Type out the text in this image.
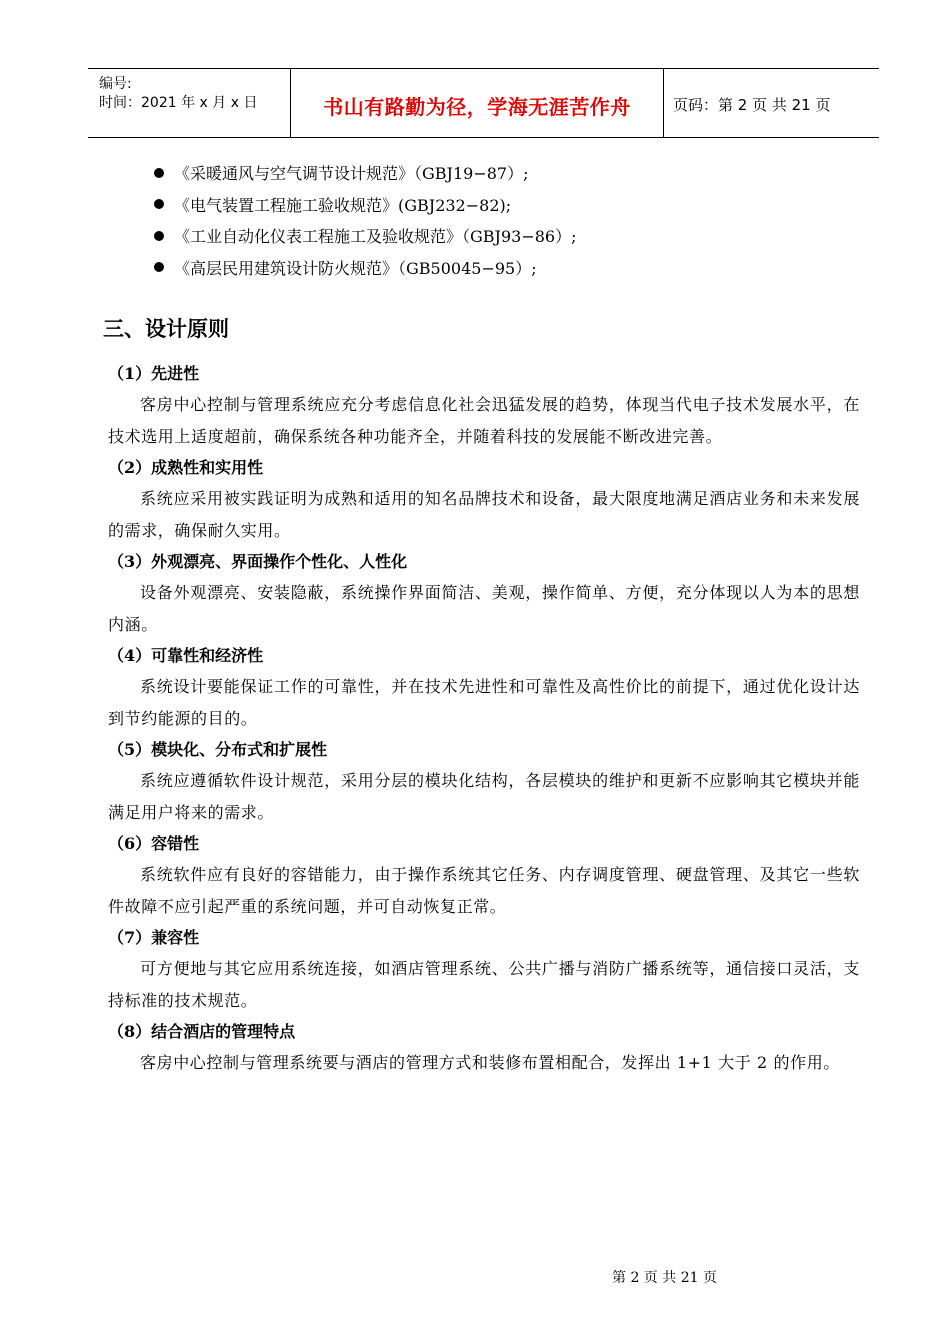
编号:
时间：2021 年 x 月 x 日	书山有路勤为径，学海无涯苦作舟	页码：第 2 页 共 21 页
《采暖通风与空气调节设计规范》（GBJ19−87）;
《电气装置工程施工验收规范》(GBJ232−82);
《工业自动化仪表工程施工及验收规范》（GBJ93−86）;
《高层民用建筑设计防火规范》（GB50045−95）;
三、设计原则
（1）先进性

客房中心控制与管理系统应充分考虑信息化社会迅猛发展的趋势，体现当代电子技术发展水平，在技术选用上适度超前，确保系统各种功能齐全，并随着科技的发展能不断改进完善。

（2）成熟性和实用性

系统应采用被实践证明为成熟和适用的知名品牌技术和设备，最大限度地满足酒店业务和未来发展的需求，确保耐久实用。

（3）外观漂亮、界面操作个性化、人性化

设备外观漂亮、安装隐蔽，系统操作界面简洁、美观，操作简单、方便，充分体现以人为本的思想内涵。

（4）可靠性和经济性

系统设计要能保证工作的可靠性，并在技术先进性和可靠性及高性价比的前提下，通过优化设计达到节约能源的目的。

（5）模块化、分布式和扩展性

系统应遵循软件设计规范，采用分层的模块化结构，各层模块的维护和更新不应影响其它模块并能满足用户将来的需求。

（6）容错性

系统软件应有良好的容错能力，由于操作系统其它任务、内存调度管理、硬盘管理、及其它一些软件故障不应引起严重的系统问题，并可自动恢复正常。

（7）兼容性

可方便地与其它应用系统连接，如酒店管理系统、公共广播与消防广播系统等，通信接口灵活，支持标准的技术规范。

（8）结合酒店的管理特点

客房中心控制与管理系统要与酒店的管理方式和装修布置相配合，发挥出 1+1 大于 2 的作用。

第 2 页 共 21 页
